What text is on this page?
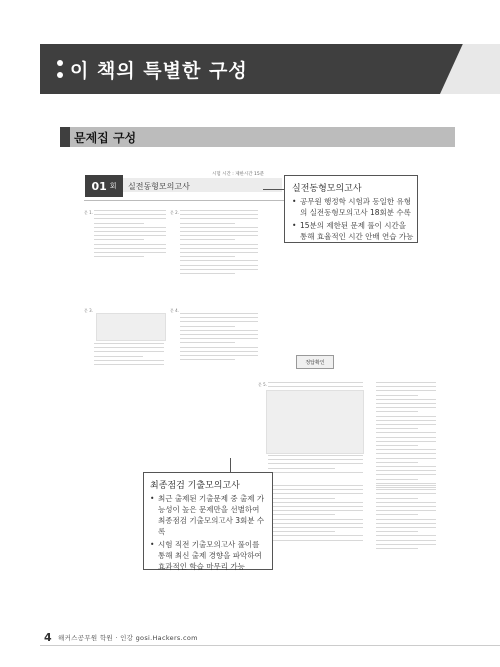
이 책의 특별한 구성
문제집 구성
01 회 실전동형모의고사
시험 시간 : 제한시간 15분
문 1.	문 2.
문 3.	문 4.
문 5.
정답확인
실전동형모의고사
• 공무원 행정학 시험과 동일한 유형의 실전동형모의고사 18회분 수록
• 15분의 제한된 문제 풀이 시간을 통해 효율적인 시간 안배 연습 가능
최종점검 기출모의고사
• 최근 출제된 기출문제 중 출제 가능성이 높은 문제만을 선별하여 최종점검 기출모의고사 3회분 수록
• 시험 직전 기출모의고사 풀이를 통해 최신 출제 경향을 파악하여 효과적인 학습 마무리 가능
4 해커스공무원 학원 · 인강 gosi.Hackers.com
